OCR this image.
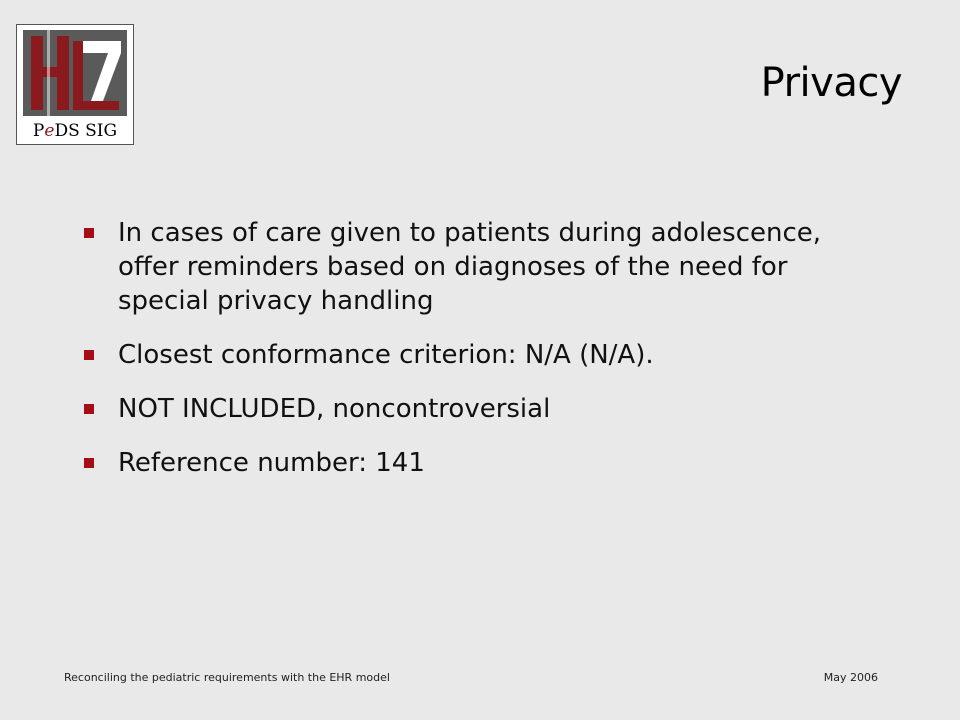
PeDS SIG
Privacy
In cases of care given to patients during adolescence, offer reminders based on diagnoses of the need for special privacy handling
Closest conformance criterion: N/A (N/A).
NOT INCLUDED, noncontroversial
Reference number: 141
Reconciling the pediatric requirements with the EHR model	May 2006
